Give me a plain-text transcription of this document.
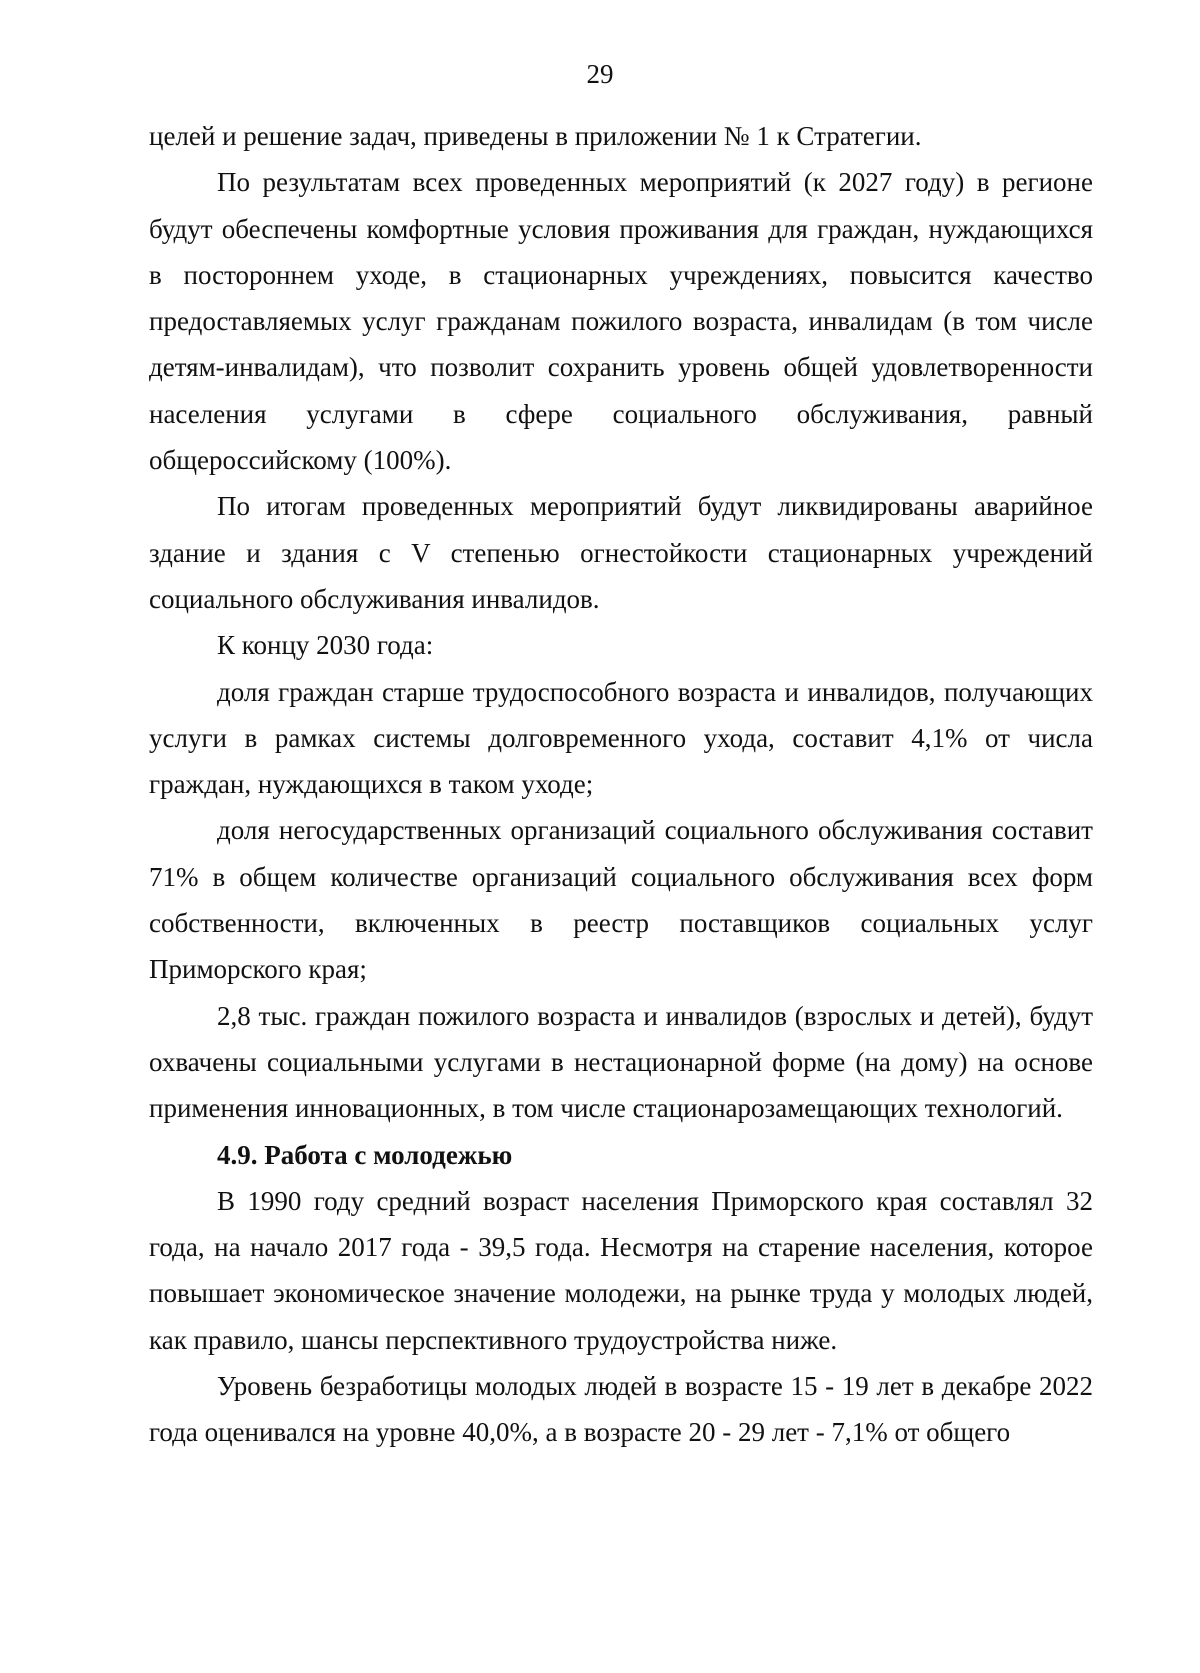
29

целей и решение задач, приведены в приложении № 1 к Стратегии.

По результатам всех проведенных мероприятий (к 2027 году) в регионе будут обеспечены комфортные условия проживания для граждан, нуждающихся в постороннем уходе, в стационарных учреждениях, повысится качество предоставляемых услуг гражданам пожилого возраста, инвалидам (в том числе детям-инвалидам), что позволит сохранить уровень общей удовлетворенности населения услугами в сфере социального обслуживания, равный общероссийскому (100%).

По итогам проведенных мероприятий будут ликвидированы аварийное здание и здания с V степенью огнестойкости стационарных учреждений социального обслуживания инвалидов.

К концу 2030 года:

доля граждан старше трудоспособного возраста и инвалидов, получающих услуги в рамках системы долговременного ухода, составит 4,1% от числа граждан, нуждающихся в таком уходе;

доля негосударственных организаций социального обслуживания составит 71% в общем количестве организаций социального обслуживания всех форм собственности, включенных в реестр поставщиков социальных услуг Приморского края;

2,8 тыс. граждан пожилого возраста и инвалидов (взрослых и детей), будут охвачены социальными услугами в нестационарной форме (на дому) на основе применения инновационных, в том числе стационарозамещающих технологий.

4.9. Работа с молодежью

В 1990 году средний возраст населения Приморского края составлял 32 года, на начало 2017 года - 39,5 года. Несмотря на старение населения, которое повышает экономическое значение молодежи, на рынке труда у молодых людей, как правило, шансы перспективного трудоустройства ниже.

Уровень безработицы молодых людей в возрасте 15 - 19 лет в декабре 2022 года оценивался на уровне 40,0%, а в возрасте 20 - 29 лет - 7,1% от общего
